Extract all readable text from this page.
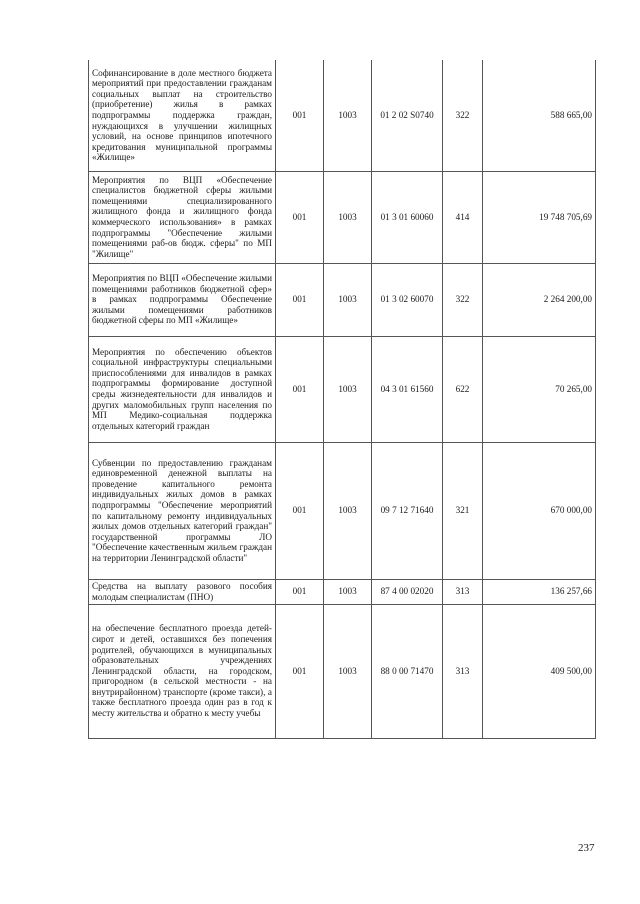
Софинансирование в доле местного бюджета мероприятий при предоставлении гражданам социальных выплат на строительство (приобретение) жилья в рамках подпрограммы поддержка граждан, нуждающихся в улучшении жилищных условий, на основе принципов ипотечного кредитования муниципальной программы «Жилище»	001	1003	01 2 02 S0740	322	588 665,00
Мероприятия по ВЦП «Обеспечение специалистов бюджетной сферы жилыми помещениями специализированного жилищного фонда и жилищного фонда коммерческого использования» в рамках подпрограммы "Обеспечение жилыми помещениями раб-ов бюдж. сферы" по МП "Жилище"	001	1003	01 3 01 60060	414	19 748 705,69
Мероприятия по ВЦП «Обеспечение жилыми помещениями работников бюджетной сфер» в рамках подпрограммы Обеспечение жилыми помещениями работников бюджетной сферы по МП «Жилище»	001	1003	01 3 02 60070	322	2 264 200,00
Мероприятия по обеспечению объектов социальной инфраструктуры специальными приспособлениями для инвалидов в рамках подпрограммы формирование доступной среды жизнедеятельности для инвалидов и других маломобильных групп населения по МП Медико-социальная поддержка отдельных категорий граждан	001	1003	04 3 01 61560	622	70 265,00
Субвенции по предоставлению гражданам единовременной денежной выплаты на проведение капитального ремонта индивидуальных жилых домов в рамках подпрограммы "Обеспечение мероприятий по капитальному ремонту индивидуальных жилых домов отдельных категорий граждан" государственной программы ЛО "Обеспечение качественным жильем граждан на территории Ленинградской области"	001	1003	09 7 12 71640	321	670 000,00
Средства на выплату разового пособия молодым специалистам (ПНО)	001	1003	87 4 00 02020	313	136 257,66
на обеспечение бесплатного проезда детей-сирот и детей, оставшихся без попечения родителей, обучающихся в муниципальных образовательных учреждениях Ленинградской области, на городском, пригородном (в сельской местности - на внутрирайонном) транспорте (кроме такси), а также бесплатного проезда один раз в год к месту жительства и обратно к месту учебы	001	1003	88 0 00 71470	313	409 500,00
237
